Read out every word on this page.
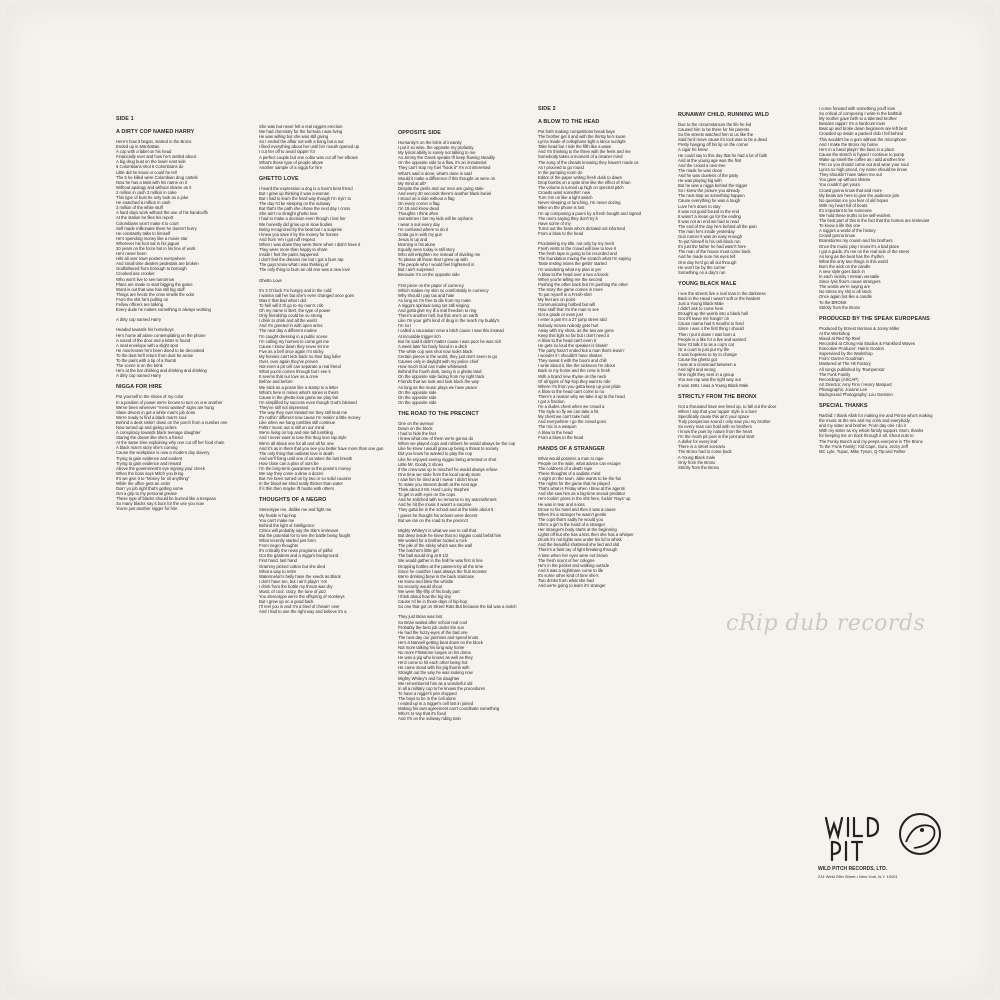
SIDE 1
A DIRTY COP NAMED HARRY

Here's how it began, started in the Bronx
Ended up in Manhattan
A cop with a label on his head
Financially ever and how he's settled about
A big drug bust on the lower east side
5 Colombians shot 6 Colombians do
Little did he know or could he tell
The 5 he killed were Colombian drug cartels
Now he has a twist with his name on it
Without apology and without shame on it
2 million in cash 3 million in coke
This type of bust he only took as a joke
He snatched a million in cash
2 million of the white stuff
A hard days work without the use of his handcuffs
At the station he files his report
Colombians won't make it to court
Self made millionaire there he doesn't hurry
He constantly talks to himself
He's spending money like a movie star
Wherever his foot sat in his jaguar
20 years on the force but in his line of work
He's never been
Hits all over town posters everywhere
And small time dealers pedestals are broken
Godfathered from borough to borough
Crooked ass crooker
Who won't live to see tomorrow
Plans are made to start bigging the game
Word is out that wax has still big stuff
Things are hectic the crew smells the odor
From the shit he's pulling on
Fellow officers are talking
Every dude he makes something is always working

A dirty cop named Harry

Headed towards his homeboys
He's home all alone contemplating on the phone
A sound of the door and a letter is found
A neat envelope with a slight spot
He now knows he's been dined to be decorated
To the dust he'll return from dust he arose
To the paint with a tip of a thumb
The scene is on the brink
He's at the bar drinking and drinking and drinking
A dirty cop named Harry

NIGGA FOR HIRE

Put yourself in the shoes of my color
In a position of power we're known to turn on one another
We've been wherever "mess wanted" signs are hung
Slave drivers in got a white man's job done
We're ready to find a black man's soul
Behind a desk sinkin' down on the porch from a number one
Now turned up and giving orders
A conspiracy towards black teenage daughter
Staring the dream like she's a friend
At the same time explaining why one cut off her food chain
A black man's story she's coming
Cause the workplace is now a modern day slavery
Trying to gain evidence and evident
Trying to gain evidence and reward
Above the government's eye signing your check
When the boss says Mitch you bring
It's we give it to "Money for nil anything"
While the office gets an order
Doin' yo job right that's getting some
Get a grip to my personal grease
These type of blacks should be burned like a trespass
So many blacks say it burn for the use you now
You're just another nigger for hire

She was but never felt a real nigga's erection
We had chemistry for the formula I was living
He was willing but she was still giving
So I ended the affair not with a bang but a nut
I liked everything about her until her mouth opened up
I cut her off to avoid rappin' for
A perfect couple but one collar was cut off her elbows
What's these type of people above
Another sample of a nigga for hire

GHETTO LOVE

I heard the expression a dog is a man's best friend
But I grew up thinking it was a woman
But I had to learn the hard way though I'm tryin' to
The day I'd be sleeping on the subway
But that's the path she chose the next day I cross
She ain't no straight ghetto love
I had to make a decision even though I lost her
We honestly did grow up in slow bodies
Being recognized by the beat but I a surprise
I knew you save it by the money for homes
And from 'em I got ruff respect
When I was down they were there when I didn't have it
They were more than happy to share
Inside I feel the pains happened
I don't feel the dreams me but I got a bum rap
The guys know what I was thinking of
The only thing to burn an old one was a new love

Ghetto Love

It's 3 O'clock I'm hungry and in the cold
I wanna call her but she's even changed once goes
Was it that bad what I did
To hell will it I'll go to my man's crib
Oh my name is Bert, the type of power
Only friendship could be so strong
I drink to drink and all the world
And I'm greeted in with open arms
The next day a different routine
I'm caught dressing in a public scene
I'm calling my homies to come get me
Cause I know down they never let me
Five as a bell once again I'm sticky
My homies can't kick back no their bag fuller
Over, over again they've proven
Not even a pit cell can separate a real friend
What you're comes through but I see it
It seems that our love as a crew
Before and before
We stick as a posse like a stamp to a letter
What's here is mines what's mines is theirs
Cause in the ghetto love game we play fair
I'm simplified by success even though God's blessed
They've still not impressed
The way they over treated me they still treat me
It's nothin' different now cause I'm makin' a little money
Like when we hang rumbles still continue
Puttin' music out is still on our mind
We're living on top and one tall tumbling
And I never want to lose this thug love rap style
We're all about one for all and all for one
And it's as in them that you see you better have more than one gun
The only thing that outlasts love is death
And we'll hang until one of us takes the last breath
How close can a plan of ours be
I'm the long-term guarantee to the posse's money
We say they come a dime a dozen
But I've been turned on by two or so solid cousins
In the blood we shed really thicker than water
If it thin then maybe I'll hustle with others

THOUGHTS OF A NEGRO

Stereotype me, dislike me and fight me
My hustle is hip-hop
You can't make me
Behind the light of intelligence
Critics will probably say the title's irrelevant
But the potential for to see the battle being fought
What recently started just form
From negro thoughts
It's critically the news programs of pitiful
Got the gardens and a nigga's background
First hand, last hand
Grammy picked cotton but she died
What a way to retire
Watermelon's belly have the seeds as Black
I don't have ten, but I ain't playin' 'em
I drink from the bottle my throat was dry
Music of cool, crazy, the tune of jazz
You stereotype we're the offspring of monkeys
But I grew up on a good back
I'll reel you in and I'm a tired of chewin' over
And I had to use the right way and believe it's a

OPPOSITE SIDE

Humanity's on the brink of insanity
I put it so wise, the opposite my profanity
My lyrical ability is surely not talking to me
As Jimmy the Greek speaks I'll keep flowing steadily
On the opposite side to a flow, it's an immaterial
They can't stop my fuel "hook it" I'm not interested
What's said is done, what's done is said
Would it make a difference if this thought us were on
My mind at all?
Despite the perils and our men are going stale
And every 30 seconds there's another black burial
I stood on a side without a flag
On every corner a flag
I'm 19 and know dead
Thoughts I think often
Sometimes I bet my kids will be orphans
I wear a suit every day
I'm confused where to do it
Gotta go in with my gun
Jesus is up and
Morning is his alone
Equally seen today is still story
Who will enlighten me instead of dividing me
To please all those that I grew up with
The people who I would feel frightened in
But I ain't surprised
Because I'm on the opposite side

First piece on the paper of currency
Which makes my skin so comfortably in currency
Why should I pay tax and hate
As long as I'm free to die from my mate
A nigga's spiritual song set still singing
And gotta give my ill a real freedom to ring
There's another hell, but this one's on earth
Like I'm your girl's kind of drug in the reach my buddy's
I'm so I
I called a caucasian crew a bitch cause I saw this instead
At incurable trigger itch
But he said it didn't matter cause I was poor he was rich
A week later his body found in a ditch
The white cop was shot now looks black
Certain pieces in the world, they just don't seem to go
Causes only in daylight with my police chief
How much God can make whitewash
Behind the fourth dark, being in a ghetto land
On the opposite side facing from my right track
Friends that we look and look block the way
As long as the music plays we have peace
On the opposite side
On the opposite side
On the opposite side

THE ROAD TO THE PRECINCT

One on the avenue
Down on the block
I had to hide the fact
I knew what one of them we're gonna do
When we played cops and robbers he would always be the cop
Like he knew I would grow up being a threat to society
Did you know he wanted to play the cop
Like he enjoyed seeing niggas being arrested or shot
Little Mr. Goody 3 shoes
If the crew was up to mischief he would always refuse
One time we stole from the local candy store
I saw him he tried and I swear I didn't know
To make you interest death at the next age
Think about it Mr. Hard Lucky Stephen
To get in with eyes on the cops
And he snitched with no remorse to my astonishment
And he hit the music it wasn't a surprise
They gotta be in the school and at the table about 5
I guess he thought his actions were decent
But we ran on the road to the precinct

Mighty Whitey's is what we use to call that
But deep inside he knew that no niggas could befall him
We waited for a brother rooted a rock
The pile of the sticky which was the wall
The butcher's little girl
The ball would ring at 8 1/2
We would gather in the hall he was first in line
Dropping bottles at the passers-by all the time
Since he could've I was always the fruit monster
We're drinking brew in the back staircase
He knew and blew the whistle
So security would shoot
We were fifty-fifty of his body part
I think about how the big tiny
Cause I'd be in those days of hip-hop
So one that got on Street Rats But because the kid was a snitch

They just Brian was lost
So Brian waited after school real cool
Probably the best job under the sun
He had the fuzzy-eyes of the bad one
The next day our jammies and speed knots
He's a Narwell getting beat down on the block
Not more talking his long way home
No more Flintstone lunges on his dome
He was a pig who knows as well as they
He'd come to hit each other being hot
He came stood with his pig thumb with
Straight out the way he was looking now
Mighty Whitey's and his daughter
We remembered him as a wonderful old
In all a military cop to he knows the procedures
To have a nigger's pen dropped
The boys to be in the cell alone
I ended up in a nigger's cell lost in joined
Making his own agreement can't coordinate something
Who's to say that it's fixed
And I'm on the subway riding train

SIDE 2
A BLOW TO THE HEAD

Put forth making competitions break bays
The brother get it and with the thirsty he's loose
Lyrics made of cellophane light a lance sunlight
Take head but I ride the fifth like a wave
And I'm thinking to the three with the feels and me
Somebody takes a moment of a cleaner mind
The song of the dreads knowing they haven't made us
As I proceed to go round
In the pumping room do
Editor of the paper writing fresh dusk to dawn
Drop bombs on a spite time like the effect of Khan
The volume is turned up high on spectral pitch
Crowds want somethin' new
Turn 'em on like a light switch
Never sleeping or lunching, I'm never dozing
Mike on the phone is lost
I'm up composing a poem by a fresh bought and signed
The one's saying they don't try it
Have some of my
Turns out the brain who's dictated not informed
From a blow to the head

Proclaiming my title, not only by my merit
Fresh vests to the crowd will love to love it
The fresh tape is going to be recorded and
The foundation mixing the scratch what I'm saying
Taste testing mixes the gettin' started
I'm wondering what my plan is yet
A blow to the head over a two a knock
When you're telling me the second
Pushing the other back but I'm pushing the other
The story the game comes in more
To put myself in a Fresh-shirt
My feet are on point
Communicating hotbed but will
How stuff that I'm the man to see
Got a grade or even just
I enter a jam it's a 27 jump street raid
Nobody moves nobody gets hurt
Away with my shots, as the two are gone
Keep this light so far but I don't need it
A blow to the head can't even it
He gets so loud the speaker is blowin'
The party hasn't ended but a man that's leavin'
I wonder if I shouldn't have shaken
They sweat it with the boom and chill
I write about it, like the sickness I'm about
Back to my home and the crew is fresh
With a brand new rhyme on the neck
Of all types of hip-hop they want to ride
Where I'm from you gotta keep up your pride
A blow to the head can't come to no
There's a reason why we take it up to the head
I got a fraction
I'm a dudes chest when we crowd a
The style so fly we can take a hit
My chest we can't take hold
And everywhere I go the crowd goes
The mic is a weapon
A blow to the head
From a blow to the head

HANDS OF A STRANGER

What would possess a man to rape
People on the wide, what advice can escape
The coldness of a death rape
These thoughts of a sadistic mind
A night on the town, Jake wants to be the fun
The nights for the game that he played
That's what is Friday when I blow at the agents
And she saw him as a big-time sexual predator
He's lookin' gross in the shit here, fuckin' Rays' up
He was in tear and a kiss
Drove to his hotel and then it was a cause
When it's a stranger he wasn't gentle
The cops that's sadly he would you
She's a girl in the hand of a stranger
Her stranger's body starts at the beginning
Lights off but she has a kiss then she has a whisper
Drunk it's not lights was under his lid to whisk
And the beautiful shattered she lied and slid
There's a faint ray of light breaking through
A time when her eyes were not brown
The fresh scent of her cologne
He's in the pocket and walking outside
And it was a nightmare come to life
It's some other kind of time she's
Two drinks from what she had
And we're going to learn it's stranger

RUNAWAY CHILD, RUNNING WILD

Due to the circumstances the life he led
Caused him to be there for his parents
So the streets watched him to us like the
Said he'd move cause it's lock was to be a dead
Pretty hanging off his lip on the corner
A cigar he knew
He could say to this day that he had a lot of faith
And at the young age was the first
And the crowd a new tree
The mask he was clean
And he was clueless of the party
He was playing big with
But he was a nigga behind the trigger
So I knew the picture you already
The next step as something happen
Cause everything he was a tough
Love he's down to stay
It was not good bound to the end
It wasn't a mean go for the ending
It was not an end we had to read
The end of the day he's behind all the pain
The man he's inside yesterday
Gun runner it was an easy enough
To put himself in his cell-block run
It's just the father he had wasn't here
The man of the house must come back
And he made sure his eyes tell
One day he'd go all out through
He won't be by the corner
Something on a day's run

YOUNG BLACK MALE

I see the streets live a real man in the darkness
Back in the Head I wasn't soft or the hardest
Just a Young Black Male
I didn't ask to come here
Brought up the womb into a black hall
Got it'll leave me hangin' on
Cause mama had 6 mouths to feed
Since I was 4 the first thing I should
Then I put it down I was born a
People is a like for a live and wanted
Now I'd talk it to as a cop's cat
Or a court to just put my life
It was hopeless to try to change
Cause the ghetto got
I was at a crossroad between a
And right and wrong
One night they sent in a group
You see rap was the right way out
It was 1991 I was a Young Black Male

STRICTLY FROM THE BRONX

Got a thousand have see lined up, to fall out the door
When I say that your rappin' style is a bore
Specifically cause this ain't your space
Truly prosperous sound I only saw you my brother
So every man can hold with no brothers
I know the poet by nature from the heart
I'm the mosh pit poet in the joint and start
A dollar for every leaf
There is a street scenario
The Bronx had to come back
A Young Black male
Only from the Bronx
Strictly from the Bronx

I come forward with something you'll love
So critical of composing I write in the bathtub
My mother gave birth to a talented brother
Besides rappin' I'm a hardcore lover
Beat up and broke down beginners are left bent
Crowded up inside a packed club I fell behind
This wouldn't be a gum without the microphone
And I make the Bronx my home
He's in a band playin' the bass in a place
Cause the stretch is hyped I continue to pump
Wake up smell the coffee as I add another line
Pen so you should come out and wear your soul
Lyrics so high priced, my name should be know
They shouldn't have taken me out
You gave up without shame
You couldn't get yours
Crowd gonna know that and more
My beats are here to give the audience jam
No question ice you fear of old hopes
With my heart full of beats
It's important to be someone
We hold these truths to be self-evident
The best part of this is the fact that the homes are irrelevant
To know a life this one
A nigga's a world of the history
Crowd gonna know
Brainstorms my cousin and his brothers
Once the music play I know it's a bad place
I got a guide, it's me on the real side of the street
As long as the beat has the rhythm
What the only two things in this world
Burn the wick on the candle
A new style goes back in
In each vicinity I remain versatile
Since lyric flow's cause strangers
The words we're saying are
No stress my shit is all stock
Once again hot like a candle
To the BRONX
Strictly from the Bronx

PRODUCED BY THE SPEAK EUROPEANS

Produced by Ernest Norman & Jonny Miller
At the Workshop
Mixed at Red Tip Reel
Recorded at Chung Hai Studios & Frankford Waves
Executive Producer: Harris Gordon
Supervised by the Workshop
From: Darren Goodman
Mastered at The Hit Factory
All songs published by 'Rumpenstu'
The Funk Family
Recordings (ASCAP)
Art Director: Amy Finn / Henry Marquez
Photographs: Joanne Lee
Background Photography: Lou Gamsen

SPECIAL THANKS

Rashid: I thank Allah for making me and Prince who's making
the music at the mix and my crew and everybody
and my sister and brother. From day one I do it
With my sister as my whole family support. Mom, thanks
for keeping me on track through it all. Shout outs to
The Funky Bunch and my peeps everyone in The Bronx
To the 'Funk Family': Kid Capri, Guru, Jezzy Jeff
MC Lyte, Tupac, Mike Tyson, Q-Tip and Father

cRip dub records
WILD PITCH RECORDS, LTD.
231 West 29th Street • New York, N.Y. 10001
